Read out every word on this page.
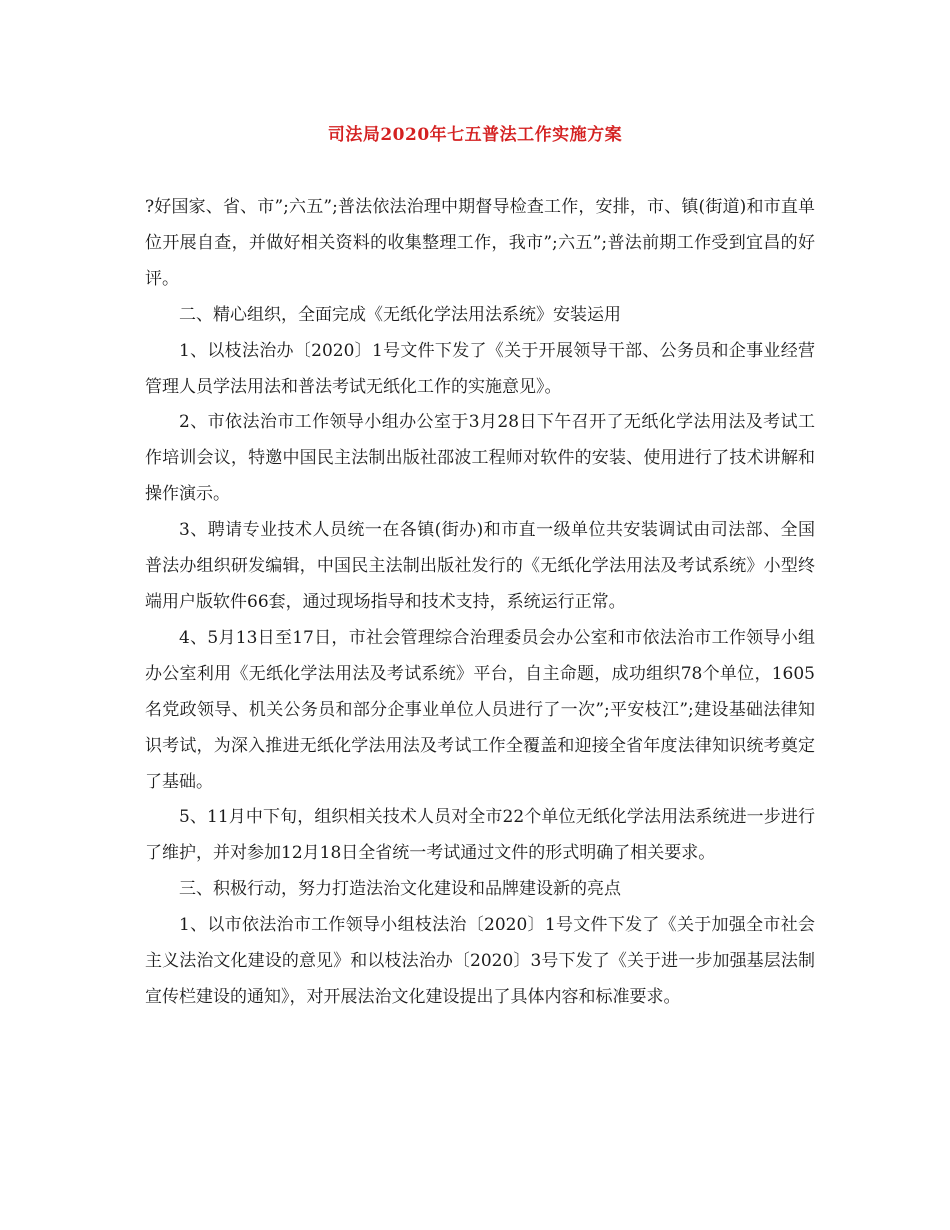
司法局2020年七五普法工作实施方案

?好国家、省、市”;六五”;普法依法治理中期督导检查工作，安排，市、镇(街道)和市直单位开展自查，并做好相关资料的收集整理工作，我市”;六五”;普法前期工作受到宜昌的好评。

二、精心组织，全面完成《无纸化学法用法系统》安装运用

1、以枝法治办〔2020〕1号文件下发了《关于开展领导干部、公务员和企事业经营管理人员学法用法和普法考试无纸化工作的实施意见》。

2、市依法治市工作领导小组办公室于3月28日下午召开了无纸化学法用法及考试工作培训会议，特邀中国民主法制出版社邵波工程师对软件的安装、使用进行了技术讲解和操作演示。

3、聘请专业技术人员统一在各镇(街办)和市直一级单位共安装调试由司法部、全国普法办组织研发编辑，中国民主法制出版社发行的《无纸化学法用法及考试系统》小型终端用户版软件66套，通过现场指导和技术支持，系统运行正常。

4、5月13日至17日，市社会管理综合治理委员会办公室和市依法治市工作领导小组办公室利用《无纸化学法用法及考试系统》平台，自主命题，成功组织78个单位，1605名党政领导、机关公务员和部分企事业单位人员进行了一次”;平安枝江”;建设基础法律知识考试，为深入推进无纸化学法用法及考试工作全覆盖和迎接全省年度法律知识统考奠定了基础。

5、11月中下旬，组织相关技术人员对全市22个单位无纸化学法用法系统进一步进行了维护，并对参加12月18日全省统一考试通过文件的形式明确了相关要求。

三、积极行动，努力打造法治文化建设和品牌建设新的亮点

1、以市依法治市工作领导小组枝法治〔2020〕1号文件下发了《关于加强全市社会主义法治文化建设的意见》和以枝法治办〔2020〕3号下发了《关于进一步加强基层法制宣传栏建设的通知》，对开展法治文化建设提出了具体内容和标准要求。
